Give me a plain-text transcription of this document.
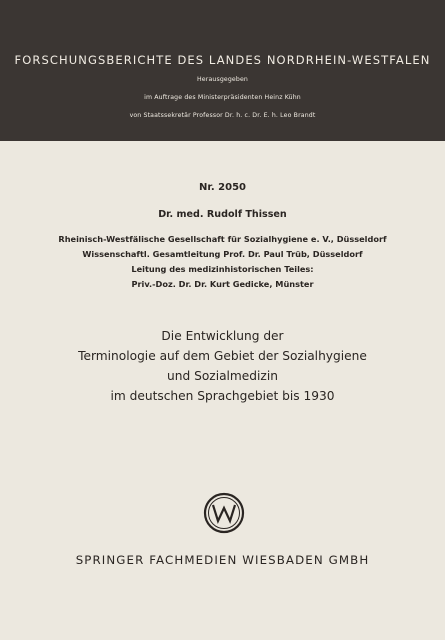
FORSCHUNGSBERICHTE DES LANDES NORDRHEIN-WESTFALEN
Herausgegeben
im Auftrage des Ministerpräsidenten Heinz Kühn
von Staatssekretär Professor Dr. h. c. Dr. E. h. Leo Brandt
Nr. 2050
Dr. med. Rudolf Thissen
Rheinisch-Westfälische Gesellschaft für Sozialhygiene e. V., Düsseldorf
Wissenschaftl. Gesamtleitung Prof. Dr. Paul Trüb, Düsseldorf
Leitung des medizinhistorischen Teiles:
Priv.-Doz. Dr. Dr. Kurt Gedicke, Münster
Die Entwicklung der
Terminologie auf dem Gebiet der Sozialhygiene
und Sozialmedizin
im deutschen Sprachgebiet bis 1930
SPRINGER FACHMEDIEN WIESBADEN GMBH
